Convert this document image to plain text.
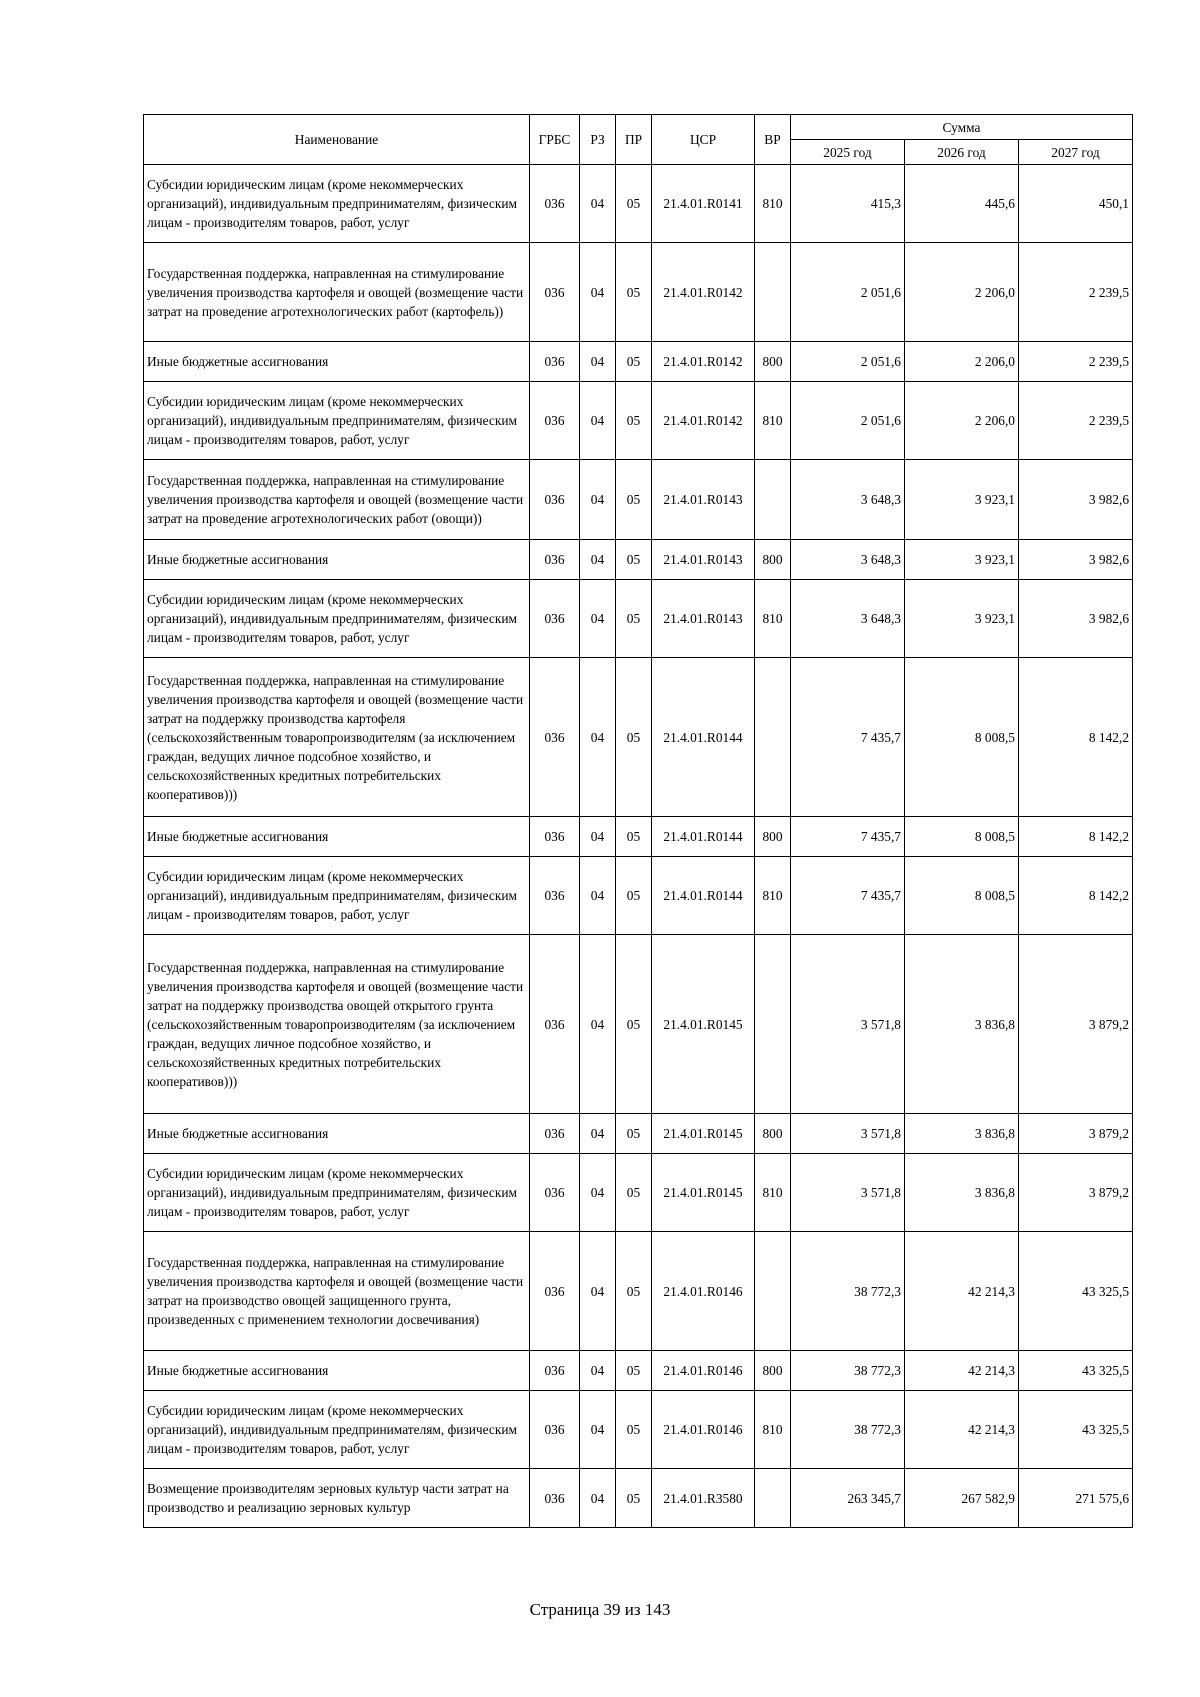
Наименование	ГРБС	РЗ	ПР	ЦСР	ВР	Сумма		
						2025 год	2026 год	2027 год
Субсидии юридическим лицам (кроме некоммерческих организаций), индивидуальным предпринимателям, физическим лицам - производителям товаров, работ, услуг	036	04	05	21.4.01.R0141	810	415,3	445,6	450,1
Государственная поддержка, направленная на стимулирование увеличения производства картофеля и овощей (возмещение части затрат на проведение агротехнологических работ (картофель))	036	04	05	21.4.01.R0142		2 051,6	2 206,0	2 239,5
Иные бюджетные ассигнования	036	04	05	21.4.01.R0142	800	2 051,6	2 206,0	2 239,5
Субсидии юридическим лицам (кроме некоммерческих организаций), индивидуальным предпринимателям, физическим лицам - производителям товаров, работ, услуг	036	04	05	21.4.01.R0142	810	2 051,6	2 206,0	2 239,5
Государственная поддержка, направленная на стимулирование увеличения производства картофеля и овощей (возмещение части затрат на проведение агротехнологических работ (овощи))	036	04	05	21.4.01.R0143		3 648,3	3 923,1	3 982,6
Иные бюджетные ассигнования	036	04	05	21.4.01.R0143	800	3 648,3	3 923,1	3 982,6
Субсидии юридическим лицам (кроме некоммерческих организаций), индивидуальным предпринимателям, физическим лицам - производителям товаров, работ, услуг	036	04	05	21.4.01.R0143	810	3 648,3	3 923,1	3 982,6
Государственная поддержка, направленная на стимулирование увеличения производства картофеля и овощей (возмещение части затрат на поддержку производства картофеля (сельскохозяйственным товаропроизводителям (за исключением граждан, ведущих личное подсобное хозяйство, и сельскохозяйственных кредитных потребительских кооперативов)))	036	04	05	21.4.01.R0144		7 435,7	8 008,5	8 142,2
Иные бюджетные ассигнования	036	04	05	21.4.01.R0144	800	7 435,7	8 008,5	8 142,2
Субсидии юридическим лицам (кроме некоммерческих организаций), индивидуальным предпринимателям, физическим лицам - производителям товаров, работ, услуг	036	04	05	21.4.01.R0144	810	7 435,7	8 008,5	8 142,2
Государственная поддержка, направленная на стимулирование увеличения производства картофеля и овощей (возмещение части затрат на поддержку производства овощей открытого грунта (сельскохозяйственным товаропроизводителям (за исключением граждан, ведущих личное подсобное хозяйство, и сельскохозяйственных кредитных потребительских кооперативов)))	036	04	05	21.4.01.R0145		3 571,8	3 836,8	3 879,2
Иные бюджетные ассигнования	036	04	05	21.4.01.R0145	800	3 571,8	3 836,8	3 879,2
Субсидии юридическим лицам (кроме некоммерческих организаций), индивидуальным предпринимателям, физическим лицам - производителям товаров, работ, услуг	036	04	05	21.4.01.R0145	810	3 571,8	3 836,8	3 879,2
Государственная поддержка, направленная на стимулирование увеличения производства картофеля и овощей (возмещение части затрат на производство овощей защищенного грунта, произведенных с применением технологии досвечивания)	036	04	05	21.4.01.R0146		38 772,3	42 214,3	43 325,5
Иные бюджетные ассигнования	036	04	05	21.4.01.R0146	800	38 772,3	42 214,3	43 325,5
Субсидии юридическим лицам (кроме некоммерческих организаций), индивидуальным предпринимателям, физическим лицам - производителям товаров, работ, услуг	036	04	05	21.4.01.R0146	810	38 772,3	42 214,3	43 325,5
Возмещение производителям зерновых культур части затрат на производство и реализацию зерновых культур	036	04	05	21.4.01.R3580		263 345,7	267 582,9	271 575,6
Страница 39 из 143
